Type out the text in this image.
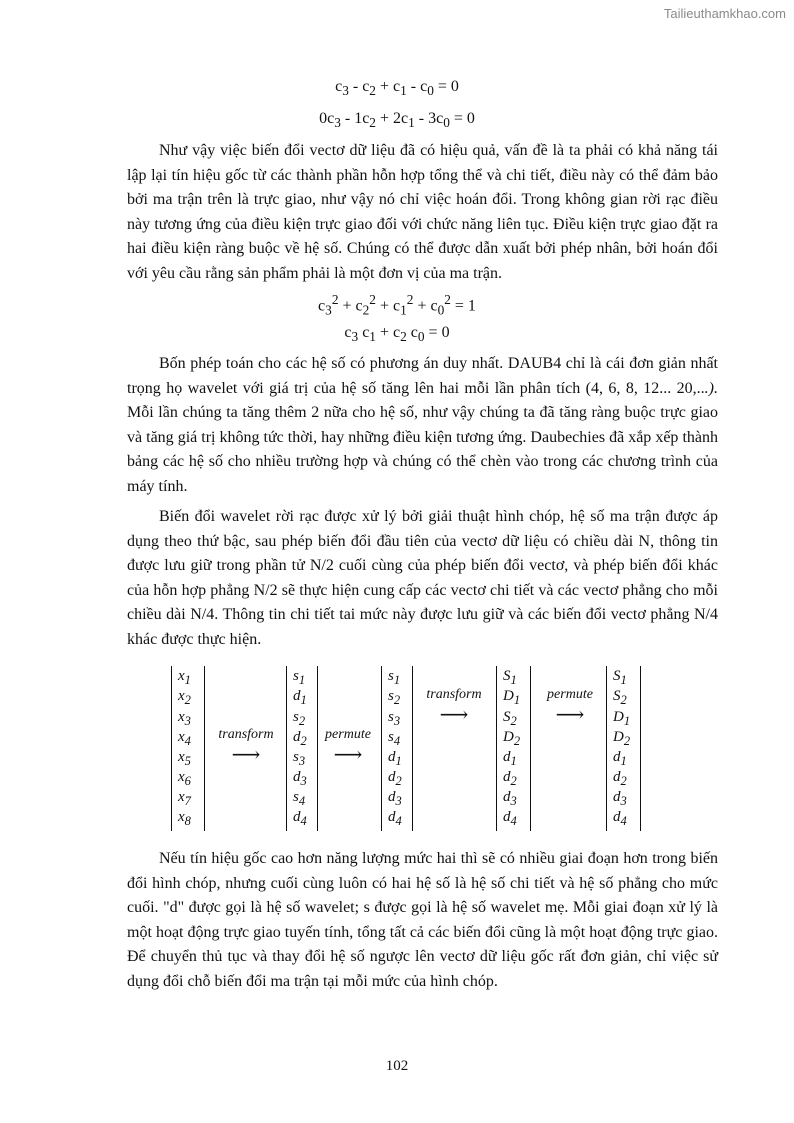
Tailieuthamkhao.com
$c_3 - c_2 + c_1 - c_0 = 0$
$0c_3 - 1c_2 + 2c_1 - 3c_0 = 0$

Như vậy việc biến đổi vectơ dữ liệu đã có hiệu quả, vấn đề là ta phải có khả năng tái lập lại tín hiệu gốc từ các thành phần hỗn hợp tổng thể và chi tiết, điều này có thể đảm bảo bởi ma trận trên là trực giao, như vậy nó chỉ việc hoán đổi. Trong không gian rời rạc điều này tương ứng của điều kiện trực giao đối với chức năng liên tục. Điều kiện trực giao đặt ra hai điều kiện ràng buộc về hệ số. Chúng có thể được dẫn xuất bởi phép nhân, bởi hoán đổi với yêu cầu rằng sản phẩm phải là một đơn vị của ma trận.

$c_3^2 + c_2^2 + c_1^2 + c_0^2 = 1$
$c_3$ $c_1 + c_2$ $c_0 = 0$

Bốn phép toán cho các hệ số có phương án duy nhất. DAUB4 chỉ là cái đơn giản nhất trọng họ wavelet với giá trị của hệ số tăng lên hai mỗi lần phân tích (4, 6, 8, 12... 20,...). Mỗi lần chúng ta tăng thêm 2 nữa cho hệ số, như vậy chúng ta đã tăng ràng buộc trực giao và tăng giá trị không tức thời, hay những điều kiện tương ứng. Daubechies đã xắp xếp thành bảng các hệ số cho nhiều trường hợp và chúng có thể chèn vào trong các chương trình của máy tính.

Biến đổi wavelet rời rạc được xử lý bởi giải thuật hình chóp, hệ số ma trận được áp dụng theo thứ bậc, sau phép biến đổi đầu tiên của vectơ dữ liệu có chiều dài N, thông tin được lưu giữ trong phần tử N/2 cuối cùng của phép biến đổi vectơ, và phép biến đổi khác của hỗn hợp phẳng N/2 sẽ thực hiện cung cấp các vectơ chi tiết và các vectơ phẳng cho mỗi chiều dài N/4. Thông tin chi tiết tai mức này được lưu giữ và các biến đổi vectơ phẳng N/4 khác được thực hiện.

$x_1$
$x_2$
$x_3$
$x_4$
$x_5$
$x_6$
$x_7$
$x_8$
transform
⟶
$s_1$
$d_1$
$s_2$
$d_2$
$s_3$
$d_3$
$s_4$
$d_4$
permute
⟶
$s_1$
$s_2$
$s_3$
$s_4$
$d_1$
$d_2$
$d_3$
$d_4$
transform
⟶
$S_1$
$D_1$
$S_2$
$D_2$
$d_1$
$d_2$
$d_3$
$d_4$
permute
⟶
$S_1$
$S_2$
$D_1$
$D_2$
$d_1$
$d_2$
$d_3$
$d_4$

Nếu tín hiệu gốc cao hơn năng lượng mức hai thì sẽ có nhiều giai đoạn hơn trong biến đổi hình chóp, nhưng cuối cùng luôn có hai hệ số là hệ số chi tiết và hệ số phẳng cho mức cuối. "d" được gọi là hệ số wavelet; s được gọi là hệ số wavelet mẹ. Mỗi giai đoạn xử lý là một hoạt động trực giao tuyến tính, tổng tất cả các biến đổi cũng là một hoạt động trực giao. Để chuyển thủ tục và thay đổi hệ số ngược lên vectơ dữ liệu gốc rất đơn giản, chỉ việc sử dụng đổi chỗ biến đổi ma trận tại mỗi mức của hình chóp.

102
